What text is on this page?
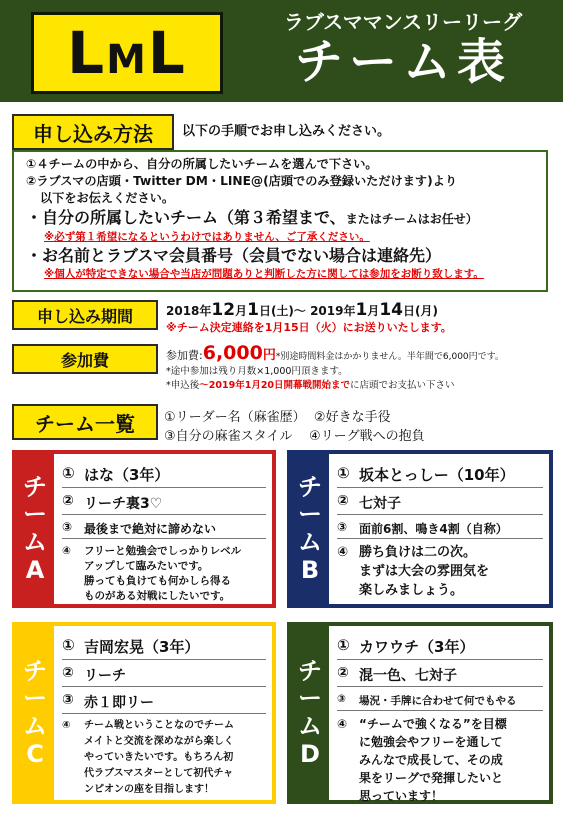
LML	ラブスママンスリーリーグ
チーム表
申し込み方法	以下の手順でお申し込みください。
①４チームの中から、自分の所属したいチームを選んで下さい。
②ラブスマの店頭・Twitter DM・LINE@(店頭でのみ登録いただけます)より
以下をお伝えください。
・自分の所属したいチーム（第３希望まで、またはチームはお任せ）
※必ず第１希望になるというわけではありません、ご了承ください。
・お名前とラブスマ会員番号（会員でない場合は連絡先）
※個人が特定できない場合や当店が問題ありと判断した方に関しては参加をお断り致します。
申し込み期間	2018年12月1日(土)～ 2019年1月14日(月)
※チーム決定連絡を1月15日（火）にお送りいたします。
参加費	参加費:6,000円*別途時間料金はかかりません。半年間で6,000円です。
*途中参加は残り月数×1,000円頂きます。
*申込後～2019年1月20日開幕戦開始までに店頭でお支払い下さい
チーム一覧	①リーダー名（麻雀歴） ②好きな手役
③自分の麻雀スタイル ④リーグ戦への抱負
チ
ー
ム
A
① はな（3年）
② リーチ裏3♡
③ 最後まで絶対に諦めない
④	フリーと勉強会でしっかりレベル
アップして臨みたいです。
勝っても負けても何かしら得る
ものがある対戦にしたいです。
チ
ー
ム
B
① 坂本とっしー（10年）
② 七対子
③ 面前6割、鳴き4割（自称）
④ 勝ち負けは二の次。
まずは大会の雰囲気を
楽しみましょう。
チ
ー
ム
C
① 吉岡宏晃（3年）
② リーチ
③ 赤１即リー
④	チーム戦ということなのでチーム
メイトと交流を深めながら楽しく
やっていきたいです。もちろん初
代ラブスマスターとして初代チャ
ンピオンの座を目指します！
チ
ー
ム
D
① カワウチ（3年）
② 混一色、七対子
③	場況・手牌に合わせて何でもやる
④ “チームで強くなる”を目標
に勉強会やフリーを通して
みんなで成長して、その成
果をリーグで発揮したいと
思っています！
